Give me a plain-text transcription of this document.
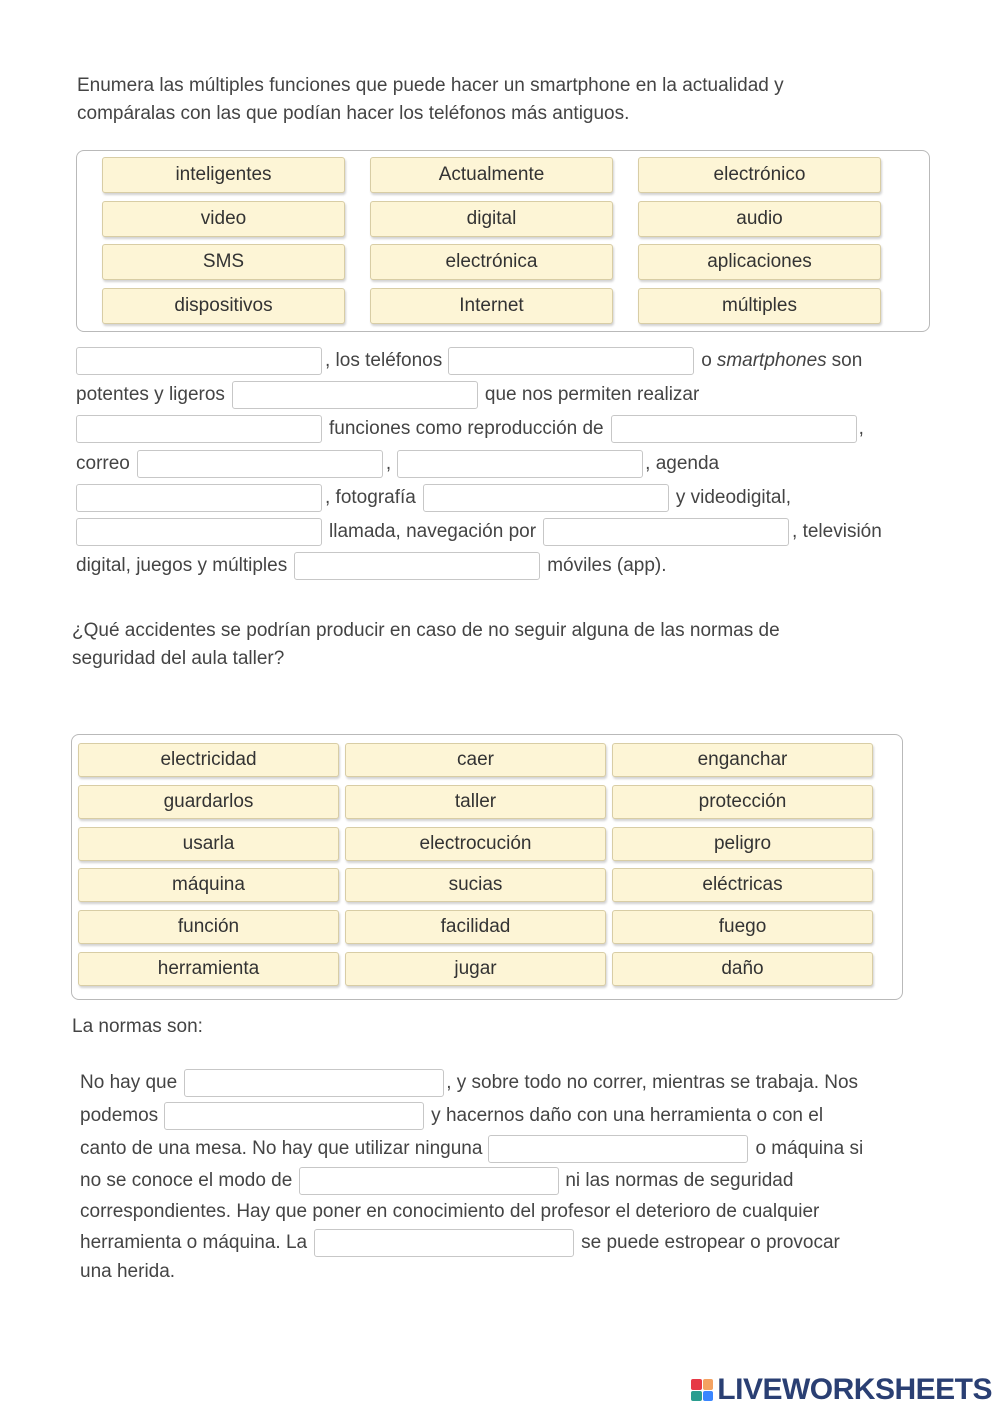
Enumera las múltiples funciones que puede hacer un smartphone en la actualidad y
compáralas con las que podían hacer los teléfonos más antiguos.

inteligentes	Actualmente	electrónico
video	digital	audio
SMS	electrónica	aplicaciones
dispositivos	Internet	múltiples
, los teléfonos	o smartphones son
potentes y ligeros	que nos permiten realizar
funciones como reproducción de	,
correo	,	, agenda
, fotografía	y videodigital,
llamada, navegación por	, televisión
digital, juegos y múltiples	móviles (app).

¿Qué accidentes se podrían producir en caso de no seguir alguna de las normas de
seguridad del aula taller?

electricidad	caer	enganchar
guardarlos	taller	protección
usarla	electrocución	peligro
máquina	sucias	eléctricas
función	facilidad	fuego
herramienta	jugar	daño
La normas son:
No hay que	, y sobre todo no correr, mientras se trabaja. Nos
podemos	y hacernos daño con una herramienta o con el
canto de una mesa. No hay que utilizar ninguna	o máquina si
no se conoce el modo de	ni las normas de seguridad
correspondientes. Hay que poner en conocimiento del profesor el deterioro de cualquier
herramienta o máquina. La	se puede estropear o provocar
una herida.
LIVEWORKSHEETS
